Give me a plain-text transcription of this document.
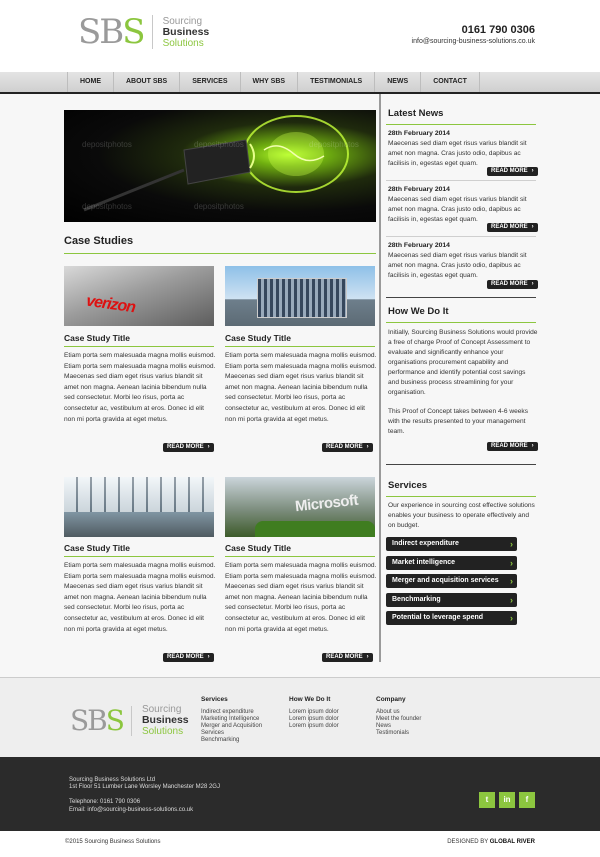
SBS Sourcing
Business
Solutions
0161 790 0306
info@sourcing-business-solutions.co.uk
HOME	ABOUT SBS	SERVICES	WHY SBS	TESTIMONIALS	NEWS	CONTACT
depositphotos	depositphotos	depositphotos
depositphotos	depositphotos
Case Studies
verizon
Case Study Title
Etiam porta sem malesuada magna mollis euismod. Etiam porta sem malesuada magna mollis euismod. Maecenas sed diam eget risus varius blandit sit amet non magna. Aenean lacinia bibendum nulla sed consectetur. Morbi leo risus, porta ac consectetur ac, vestibulum at eros. Donec id elit non mi porta gravida at eget metus.
READ MORE ›
Case Study Title
Etiam porta sem malesuada magna mollis euismod. Etiam porta sem malesuada magna mollis euismod. Maecenas sed diam eget risus varius blandit sit amet non magna. Aenean lacinia bibendum nulla sed consectetur. Morbi leo risus, porta ac consectetur ac, vestibulum at eros. Donec id elit non mi porta gravida at eget metus.
READ MORE ›
Case Study Title
Etiam porta sem malesuada magna mollis euismod. Etiam porta sem malesuada magna mollis euismod. Maecenas sed diam eget risus varius blandit sit amet non magna. Aenean lacinia bibendum nulla sed consectetur. Morbi leo risus, porta ac consectetur ac, vestibulum at eros. Donec id elit non mi porta gravida at eget metus.
READ MORE ›
Microsoft
Case Study Title
Etiam porta sem malesuada magna mollis euismod. Etiam porta sem malesuada magna mollis euismod. Maecenas sed diam eget risus varius blandit sit amet non magna. Aenean lacinia bibendum nulla sed consectetur. Morbi leo risus, porta ac consectetur ac, vestibulum at eros. Donec id elit non mi porta gravida at eget metus.
READ MORE ›
Latest News
28th February 2014
Maecenas sed diam eget risus varius blandit sit amet non magna. Cras justo odio, dapibus ac facilisis in, egestas eget quam.
READ MORE ›
28th February 2014
Maecenas sed diam eget risus varius blandit sit amet non magna. Cras justo odio, dapibus ac facilisis in, egestas eget quam.
READ MORE ›
28th February 2014
Maecenas sed diam eget risus varius blandit sit amet non magna. Cras justo odio, dapibus ac facilisis in, egestas eget quam.
READ MORE ›
How We Do It
Initially, Sourcing Business Solutions would provide a free of charge Proof of Concept Assessment to evaluate and significantly enhance your organisations procurement capability and performance and identify potential cost savings and business process streamlining for your organisation.
This Proof of Concept takes between 4-6 weeks with the results presented to your management team.
READ MORE ›
Services
Our experience in sourcing cost effective solutions enables your business to operate effectively and on budget.
Indirect expenditure	›
Market intelligence	›
Merger and acquisition services ›
Benchmarking	›
Potential to leverage spend	›
SBS Sourcing
Business
Solutions
Services
Indirect expenditure
Marketing Intelligence
Merger and Acquisition
Services
Benchmarking
How We Do It
Lorem ipsum dolor
Lorem ipsum dolor
Lorem ipsum dolor
Company
About us
Meet the founder
News
Testimonials
Sourcing Business Solutions Ltd
1st Floor 51 Lumber Lane Worsley Manchester M28 2GJ
Telephone: 0161 790 0306
Email: info@sourcing-business-solutions.co.uk
t	in	f
©2015 Sourcing Business Solutions	DESIGNED BY GLOBAL RIVER
